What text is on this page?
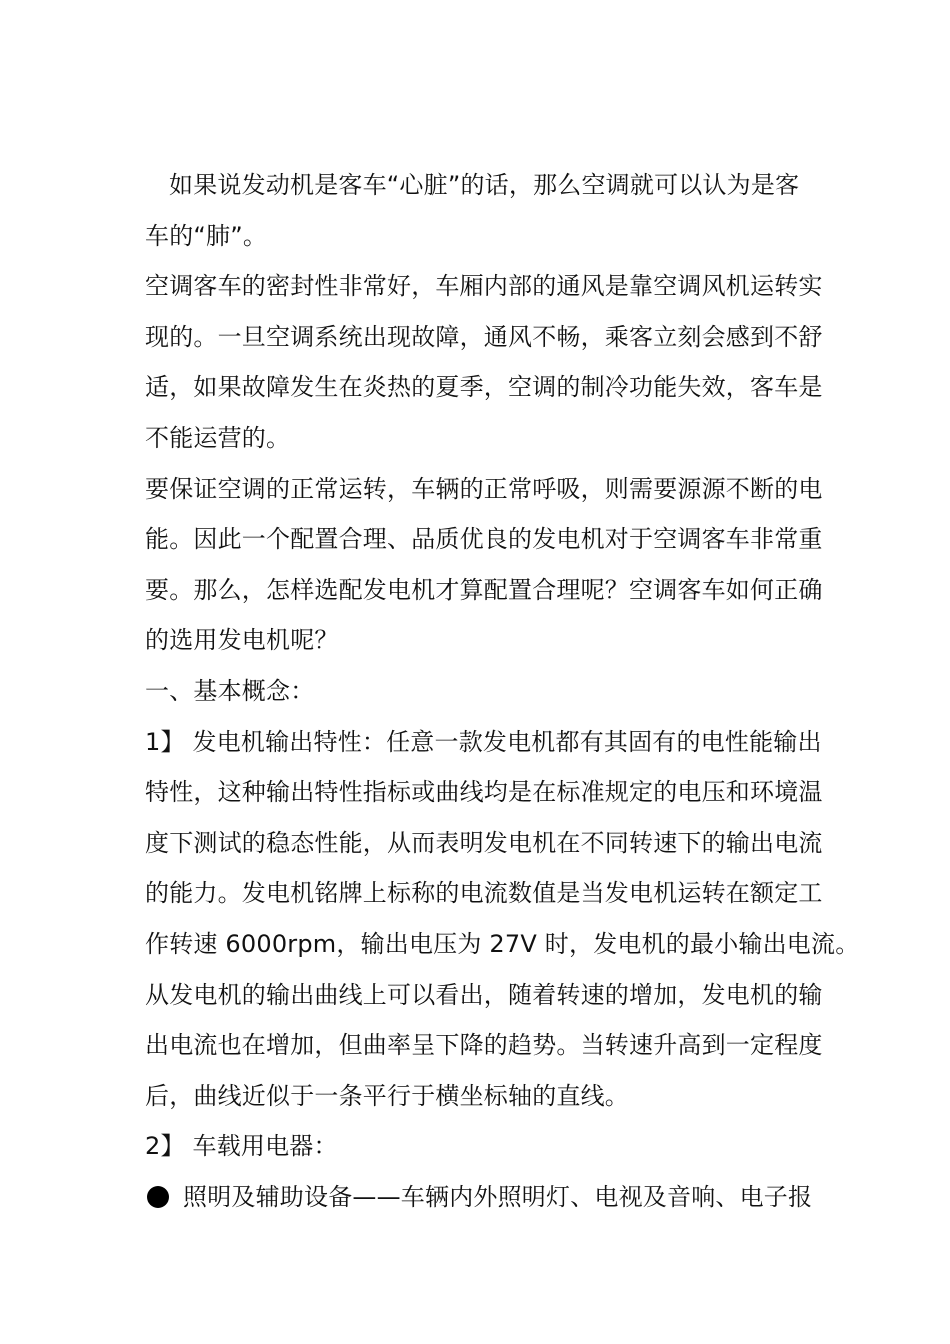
如果说发动机是客车“心脏”的话，那么空调就可以认为是客
车的“肺”。
空调客车的密封性非常好，车厢内部的通风是靠空调风机运转实
现的。一旦空调系统出现故障，通风不畅，乘客立刻会感到不舒
适，如果故障发生在炎热的夏季，空调的制冷功能失效，客车是
不能运营的。
要保证空调的正常运转，车辆的正常呼吸，则需要源源不断的电
能。因此一个配置合理、品质优良的发电机对于空调客车非常重
要。那么，怎样选配发电机才算配置合理呢？空调客车如何正确
的选用发电机呢？
一、基本概念：
1】 发电机输出特性：任意一款发电机都有其固有的电性能输出
特性，这种输出特性指标或曲线均是在标准规定的电压和环境温
度下测试的稳态性能，从而表明发电机在不同转速下的输出电流
的能力。发电机铭牌上标称的电流数值是当发电机运转在额定工
作转速 6000rpm，输出电压为 27V 时，发电机的最小输出电流。
从发电机的输出曲线上可以看出，随着转速的增加，发电机的输
出电流也在增加，但曲率呈下降的趋势。当转速升高到一定程度
后，曲线近似于一条平行于横坐标轴的直线。
2】 车载用电器：
照明及辅助设备——车辆内外照明灯、电视及音响、电子报
